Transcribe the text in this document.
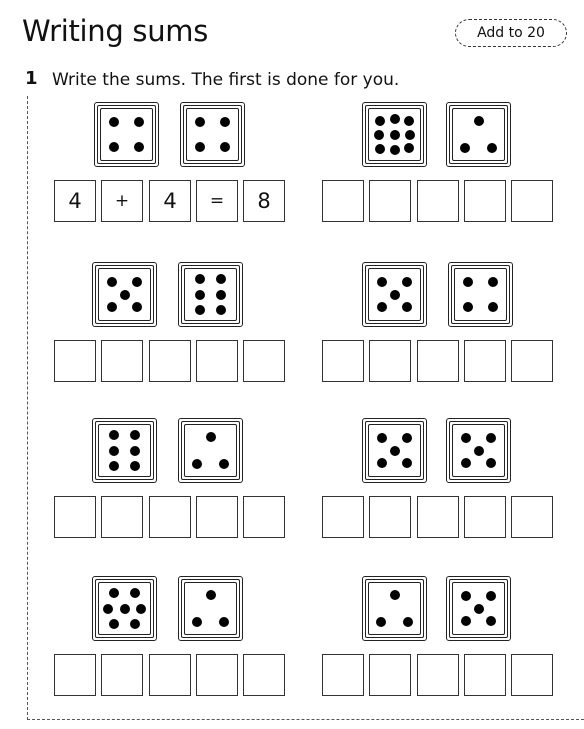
Writing sums	Add to 20
1 Write the sums. The first is done for you.
4	+	4	=	8
